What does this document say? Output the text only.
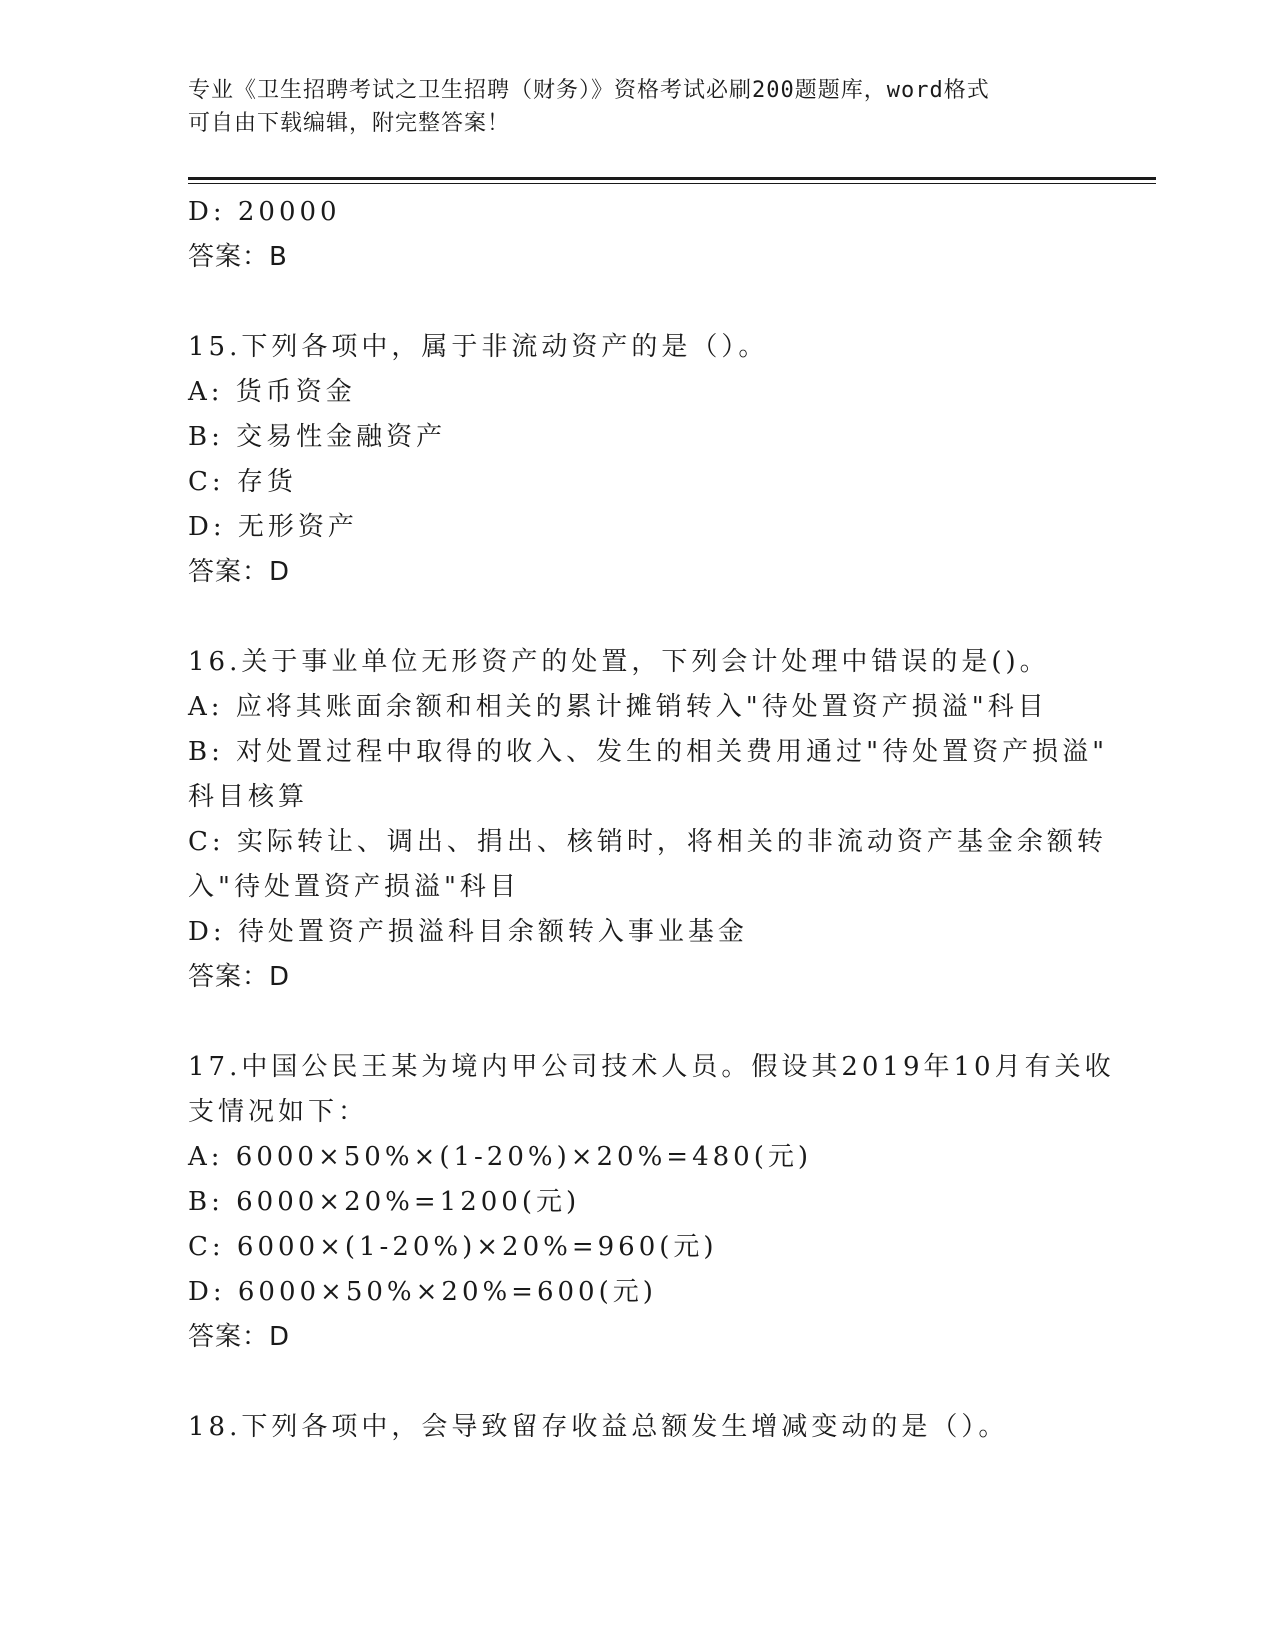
专业《卫生招聘考试之卫生招聘（财务）》资格考试必刷200题题库，word格式
可自由下载编辑，附完整答案！
D: 20000
答案：B
15.下列各项中，属于非流动资产的是（）。
A: 货币资金
B: 交易性金融资产
C: 存货
D: 无形资产
答案：D
16.关于事业单位无形资产的处置，下列会计处理中错误的是()。
A: 应将其账面余额和相关的累计摊销转入"待处置资产损溢"科目
B: 对处置过程中取得的收入、发生的相关费用通过"待处置资产损溢"
科目核算
C: 实际转让、调出、捐出、核销时，将相关的非流动资产基金余额转
入"待处置资产损溢"科目
D: 待处置资产损溢科目余额转入事业基金
答案：D
17.中国公民王某为境内甲公司技术人员。假设其2019年10月有关收
支情况如下：
A: 6000×50%×(1-20%)×20%=480(元)
B: 6000×20%=1200(元)
C: 6000×(1-20%)×20%=960(元)
D: 6000×50%×20%=600(元)
答案：D
18.下列各项中，会导致留存收益总额发生增减变动的是（）。
